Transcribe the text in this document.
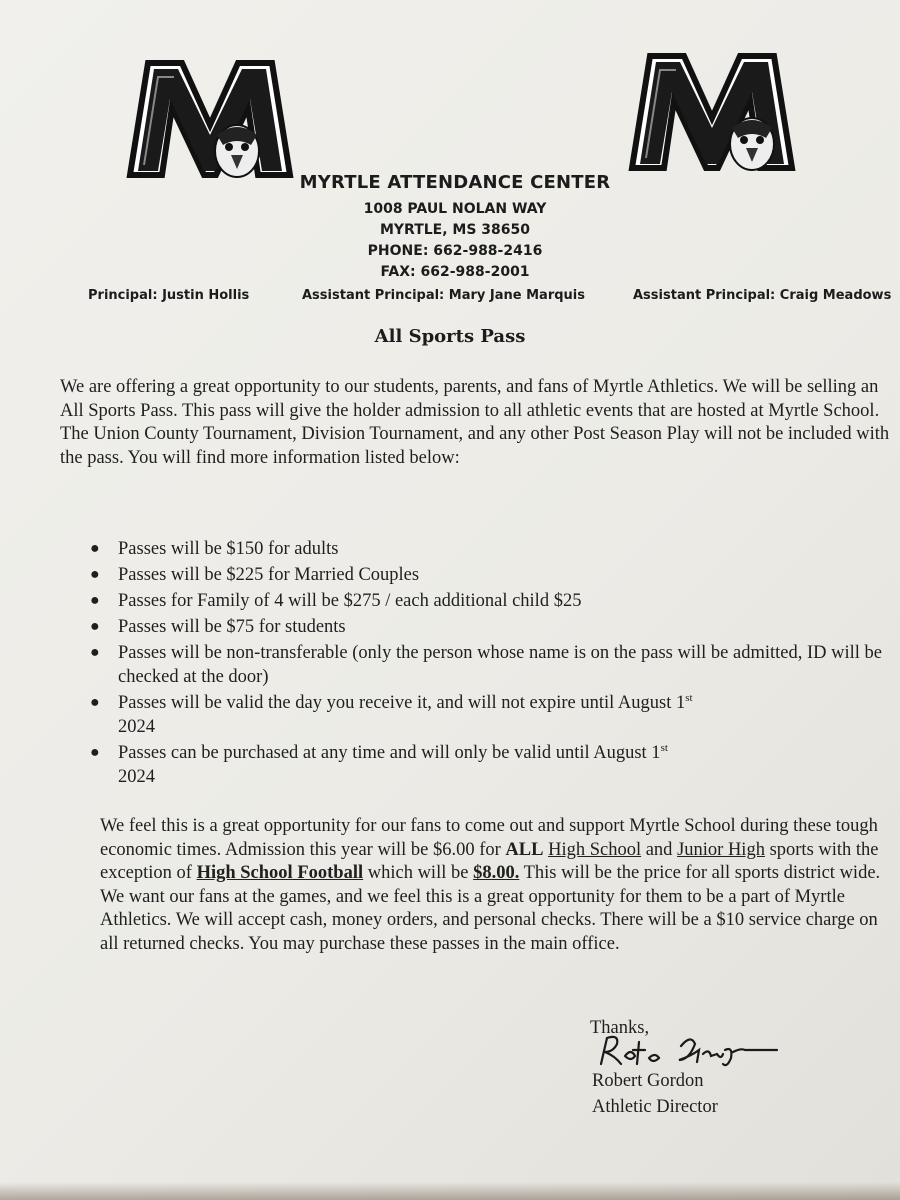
MYRTLE ATTENDANCE CENTER
1008 PAUL NOLAN WAY
MYRTLE, MS 38650
PHONE: 662-988-2416
FAX: 662-988-2001
Principal: Justin Hollis	Assistant Principal: Mary Jane Marquis	Assistant Principal: Craig Meadows
All Sports Pass
We are offering a great opportunity to our students, parents, and fans of Myrtle Athletics. We will be selling an All Sports Pass. This pass will give the holder admission to all athletic events that are hosted at Myrtle School. The Union County Tournament, Division Tournament, and any other Post Season Play will not be included with the pass. You will find more information listed below:
● Passes will be $150 for adults
● Passes will be $225 for Married Couples
● Passes for Family of 4 will be $275 / each additional child $25
● Passes will be $75 for students
● Passes will be non-transferable (only the person whose name is on the pass will be admitted, ID will be checked at the door)
● Passes will be valid the day you receive it, and will not expire until August 1st
2024
● Passes can be purchased at any time and will only be valid until August 1st
2024
We feel this is a great opportunity for our fans to come out and support Myrtle School during these tough economic times. Admission this year will be $6.00 for ALL High School and Junior High sports with the exception of High School Football which will be $8.00. This will be the price for all sports district wide. We want our fans at the games, and we feel this is a great opportunity for them to be a part of Myrtle Athletics. We will accept cash, money orders, and personal checks. There will be a $10 service charge on all returned checks. You may purchase these passes in the main office.
Thanks,
Robert Gordon
Athletic Director
